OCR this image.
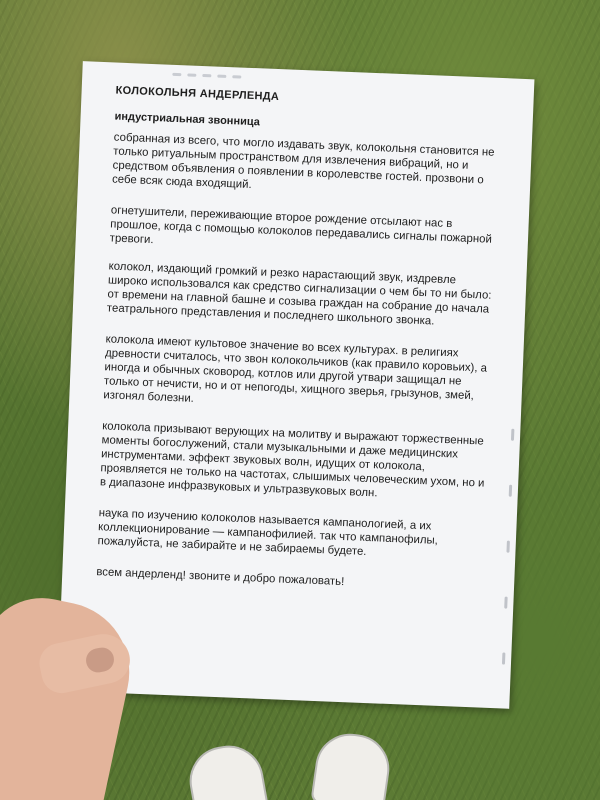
КОЛОКОЛЬНЯ АНДЕРЛЕНДА
индустриальная звонница

собранная из всего, что могло издавать звук, колокольня становится не только ритуальным пространством для извлечения вибраций, но и средством объявления о появлении в королевстве гостей. прозвони о себе всяк сюда входящий.

огнетушители, переживающие второе рождение отсылают нас в прошлое, когда с помощью колоколов передавались сигналы пожарной тревоги.

колокол, издающий громкий и резко нарастающий звук, издревле широко использовался как средство сигнализации о чем бы то ни было: от времени на главной башне и созыва граждан на собрание до начала театрального представления и последнего школьного звонка.

колокола имеют культовое значение во всех культурах. в религиях древности считалось, что звон колокольчиков (как правило коровьих), а иногда и обычных сковород, котлов или другой утвари защищал не только от нечисти, но и от непогоды, хищного зверья, грызунов, змей, изгонял болезни.

колокола призывают верующих на молитву и выражают торжественные моменты богослужений, стали музыкальными и даже медицинских инструментами. эффект звуковых волн, идущих от колокола, проявляется не только на частотах, слышимых человеческим ухом, но и в диапазоне инфразвуковых и ультразвуковых волн.

наука по изучению колоколов называется кампанологией, а их коллекционирование — кампанофилией. так что кампанофилы, пожалуйста, не забирайте и не забираемы будете.

всем андерленд! звоните и добро пожаловать!
